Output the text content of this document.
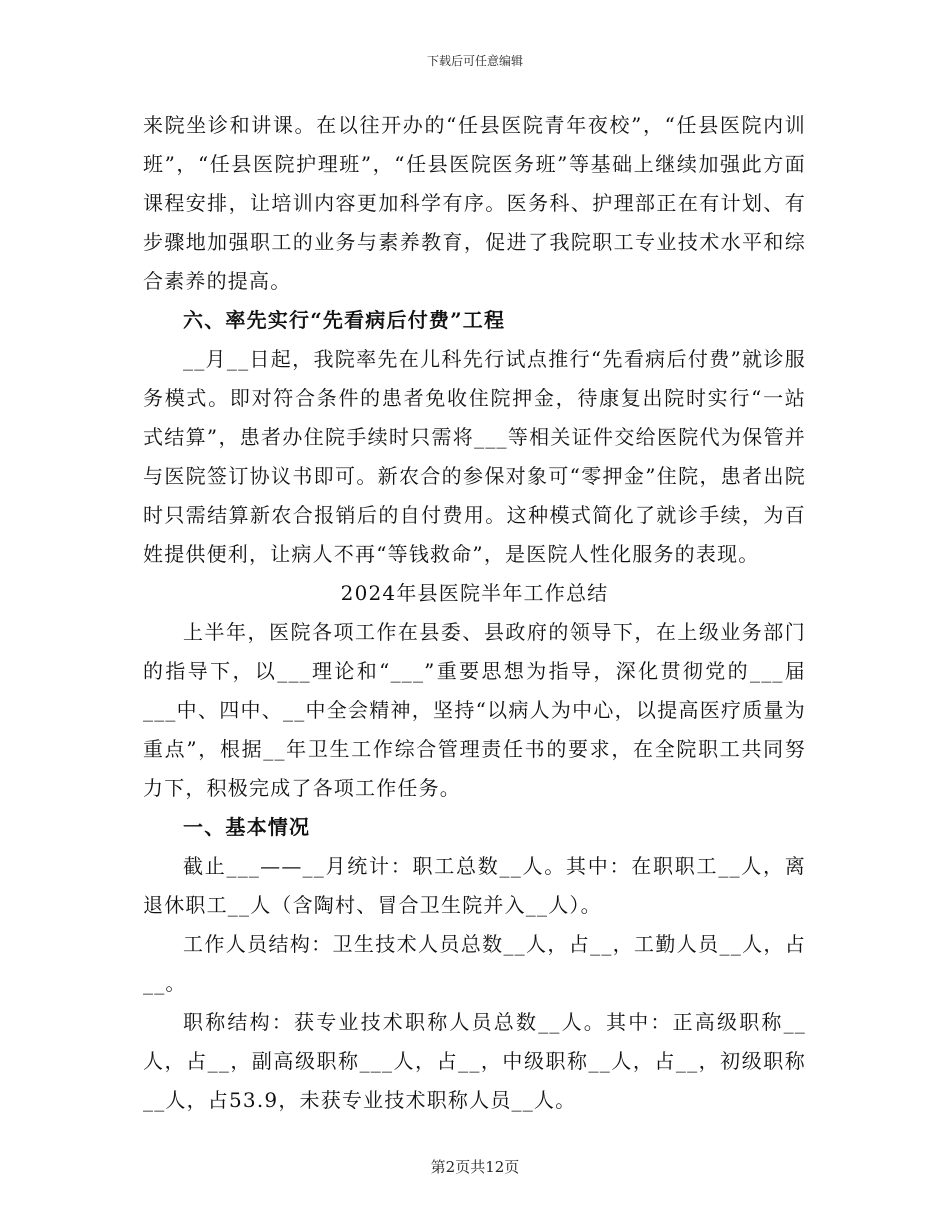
下载后可任意编辑

来院坐诊和讲课。在以往开办的“任县医院青年夜校”，“任县医院内训班”，“任县医院护理班”，“任县医院医务班”等基础上继续加强此方面课程安排，让培训内容更加科学有序。医务科、护理部正在有计划、有步骤地加强职工的业务与素养教育，促进了我院职工专业技术水平和综合素养的提高。

六、率先实行“先看病后付费”工程

__月__日起，我院率先在儿科先行试点推行“先看病后付费”就诊服务模式。即对符合条件的患者免收住院押金，待康复出院时实行“一站式结算”，患者办住院手续时只需将___等相关证件交给医院代为保管并与医院签订协议书即可。新农合的参保对象可“零押金”住院，患者出院时只需结算新农合报销后的自付费用。这种模式简化了就诊手续，为百姓提供便利，让病人不再“等钱救命”，是医院人性化服务的表现。

2024年县医院半年工作总结

上半年，医院各项工作在县委、县政府的领导下，在上级业务部门的指导下，以___理论和“___”重要思想为指导，深化贯彻党的___届___中、四中、__中全会精神，坚持“以病人为中心，以提高医疗质量为重点”，根据__年卫生工作综合管理责任书的要求，在全院职工共同努力下，积极完成了各项工作任务。

一、基本情况

截止___——__月统计：职工总数__人。其中：在职职工__人，离退休职工__人（含陶村、冒合卫生院并入__人）。

工作人员结构：卫生技术人员总数__人，占__，工勤人员__人，占__。

职称结构：获专业技术职称人员总数__人。其中：正高级职称__人，占__，副高级职称___人，占__，中级职称__人，占__，初级职称__人，占53.9，未获专业技术职称人员__人。

第2页共12页
